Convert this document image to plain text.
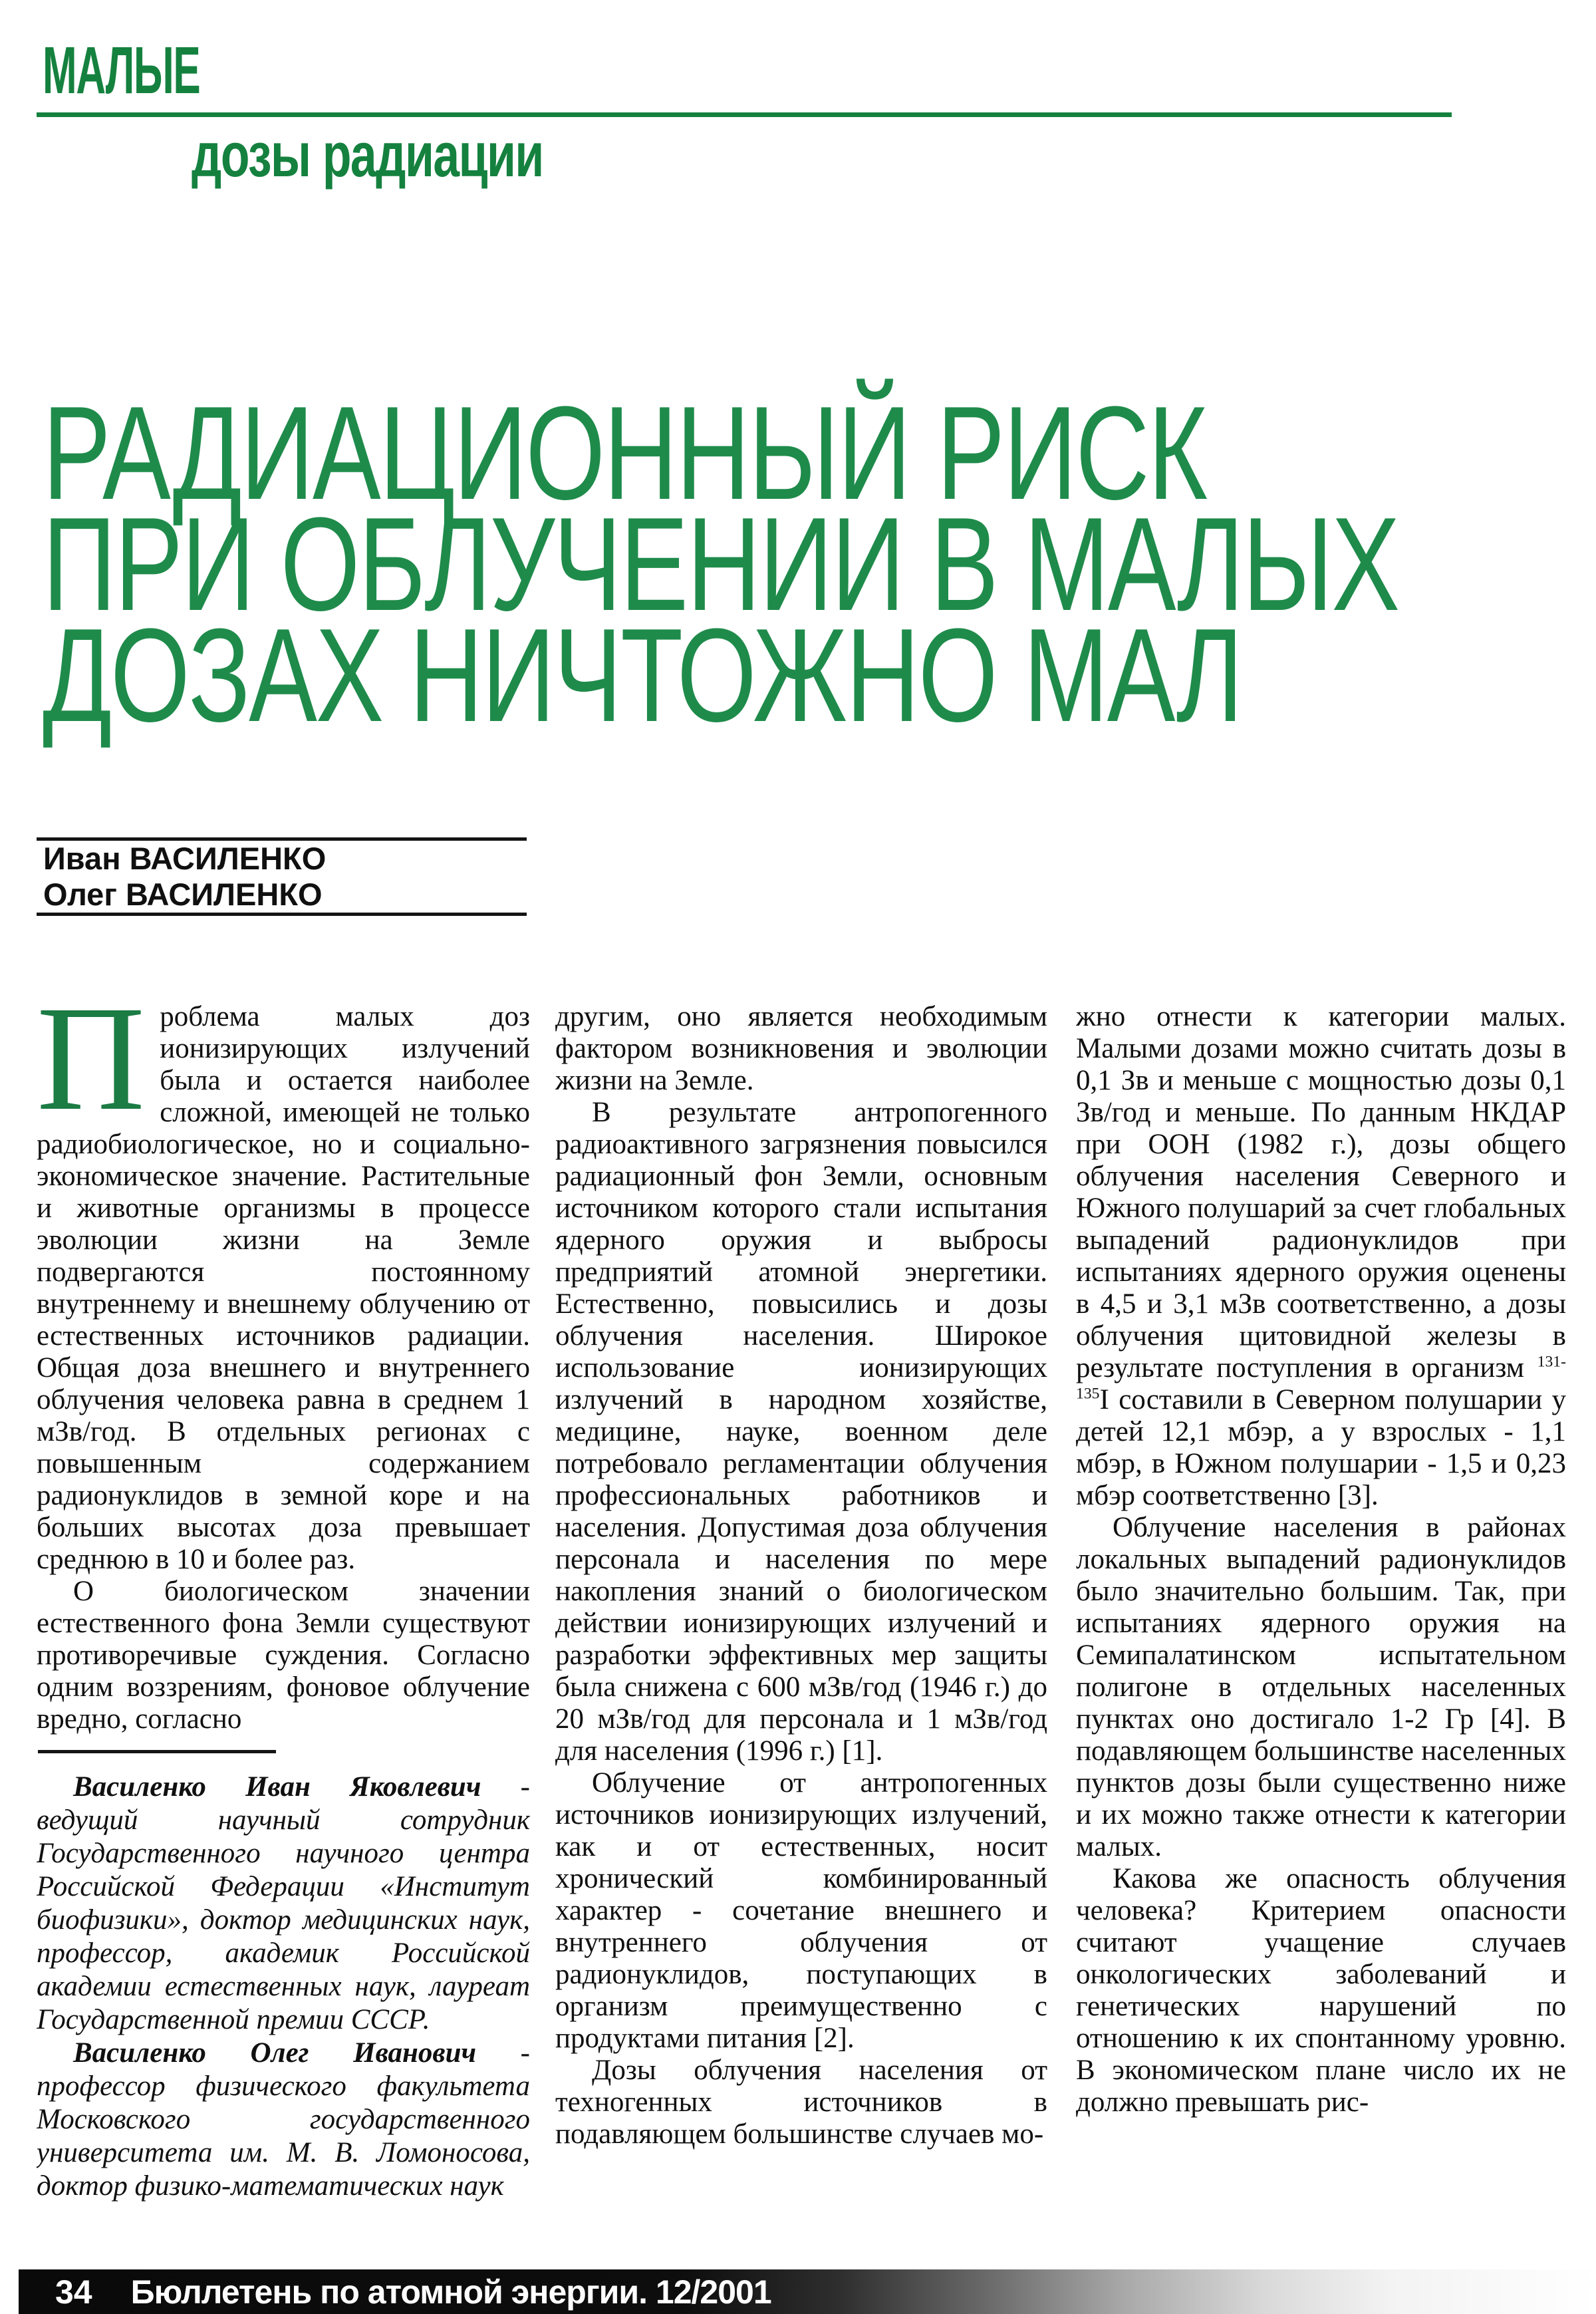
МАЛЫЕ
дозы радиации
РАДИАЦИОННЫЙ РИСК
ПРИ ОБЛУЧЕНИИ В МАЛЫХ
ДОЗАХ НИЧТОЖНО МАЛ
Иван ВАСИЛЕНКО
Олег ВАСИЛЕНКО

Проблема малых доз ионизирующих излучений была и остается наиболее сложной, имеющей не только радиобиологическое, но и социально-экономическое значение. Растительные и животные организмы в процессе эволюции жизни на Земле подвергаются постоянному внутреннему и внешнему облучению от естественных источников радиации. Общая доза внешнего и внутреннего облучения человека равна в среднем 1 мЗв/год. В отдельных регионах с повышенным содержанием радионуклидов в земной коре и на больших высотах доза превышает среднюю в 10 и более раз.

О биологическом значении естественного фона Земли существуют противоречивые суждения. Согласно одним воззрениям, фоновое облучение вредно, согласно

Василенко Иван Яковлевич - ведущий научный сотрудник Государственного научного центра Российской Федерации «Институт биофизики», доктор медицинских наук, профессор, академик Российской академии естественных наук, лауреат Государственной премии СССР.

Василенко Олег Иванович - профессор физического факультета Московского государственного университета им. М. В. Ломоносова, доктор физико-математических наук

другим, оно является необходимым фактором возникновения и эволюции жизни на Земле.

В результате антропогенного радиоактивного загрязнения повысился радиационный фон Земли, основным источником которого стали испытания ядерного оружия и выбросы предприятий атомной энергетики. Естественно, повысились и дозы облучения населения. Широкое использование ионизирующих излучений в народном хозяйстве, медицине, науке, военном деле потребовало регламентации облучения профессиональных работников и населения. Допустимая доза облучения персонала и населения по мере накопления знаний о биологическом действии ионизирующих излучений и разработки эффективных мер защиты была снижена с 600 мЗв/год (1946 г.) до 20 мЗв/год для персонала и 1 мЗв/год для населения (1996 г.) [1].

Облучение от антропогенных источников ионизирующих излучений, как и от естественных, носит хронический комбинированный характер - сочетание внешнего и внутреннего облучения от радионуклидов, поступающих в организм преимущественно с продуктами питания [2].

Дозы облучения населения от техногенных источников в подавляющем большинстве случаев мо-

жно отнести к категории малых. Малыми дозами можно считать дозы в 0,1 Зв и меньше с мощностью дозы 0,1 Зв/год и меньше. По данным НКДАР при ООН (1982 г.), дозы общего облучения населения Северного и Южного полушарий за счет глобальных выпадений радионуклидов при испытаниях ядерного оружия оценены в 4,5 и 3,1 мЗв соответственно, а дозы облучения щитовидной железы в результате поступления в организм $^{131-135}$I составили в Северном полушарии у детей 12,1 мбэр, а у взрослых - 1,1 мбэр, в Южном полушарии - 1,5 и 0,23 мбэр соответственно [3].

Облучение населения в районах локальных выпадений радионуклидов было значительно большим. Так, при испытаниях ядерного оружия на Семипалатинском испытательном полигоне в отдельных населенных пунктах оно достигало 1-2 Гр [4]. В подавляющем большинстве населенных пунктов дозы были существенно ниже и их можно также отнести к категории малых.

Какова же опасность облучения человека? Критерием опасности считают учащение случаев онкологических заболеваний и генетических нарушений по отношению к их спонтанному уровню. В экономическом плане число их не должно превышать рис-

34 Бюллетень по атомной энергии. 12/2001
